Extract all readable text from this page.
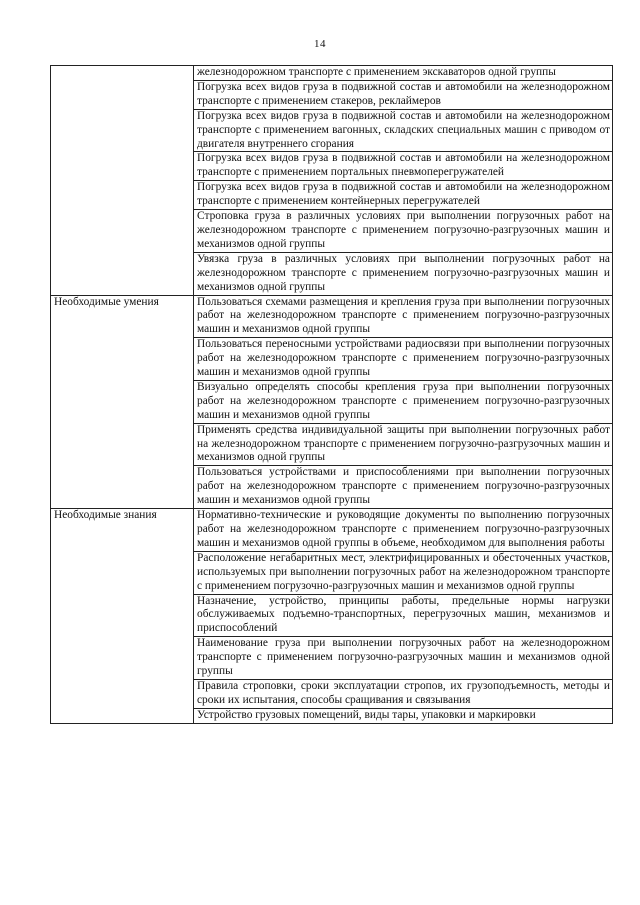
14
	железнодорожном транспорте с применением экскаваторов одной группы
	Погрузка всех видов груза в подвижной состав и автомобили на железнодорожном транспорте с применением стакеров, реклаймеров
	Погрузка всех видов груза в подвижной состав и автомобили на железнодорожном транспорте с применением вагонных, складских специальных машин с приводом от двигателя внутреннего сгорания
	Погрузка всех видов груза в подвижной состав и автомобили на железнодорожном транспорте с применением портальных пневмоперегружателей
	Погрузка всех видов груза в подвижной состав и автомобили на железнодорожном транспорте с применением контейнерных перегружателей
	Строповка груза в различных условиях при выполнении погрузочных работ на железнодорожном транспорте с применением погрузочно-разгрузочных машин и механизмов одной группы
	Увязка груза в различных условиях при выполнении погрузочных работ на железнодорожном транспорте с применением погрузочно-разгрузочных машин и механизмов одной группы
Необходимые умения	Пользоваться схемами размещения и крепления груза при выполнении погрузочных работ на железнодорожном транспорте с применением погрузочно-разгрузочных машин и механизмов одной группы
	Пользоваться переносными устройствами радиосвязи при выполнении погрузочных работ на железнодорожном транспорте с применением погрузочно-разгрузочных машин и механизмов одной группы
	Визуально определять способы крепления груза при выполнении погрузочных работ на железнодорожном транспорте с применением погрузочно-разгрузочных машин и механизмов одной группы
	Применять средства индивидуальной защиты при выполнении погрузочных работ на железнодорожном транспорте с применением погрузочно-разгрузочных машин и механизмов одной группы
	Пользоваться устройствами и приспособлениями при выполнении погрузочных работ на железнодорожном транспорте с применением погрузочно-разгрузочных машин и механизмов одной группы
Необходимые знания	Нормативно-технические и руководящие документы по выполнению погрузочных работ на железнодорожном транспорте с применением погрузочно-разгрузочных машин и механизмов одной группы в объеме, необходимом для выполнения работы
	Расположение негабаритных мест, электрифицированных и обесточенных участков, используемых при выполнении погрузочных работ на железнодорожном транспорте с применением погрузочно-разгрузочных машин и механизмов одной группы
	Назначение, устройство, принципы работы, предельные нормы нагрузки обслуживаемых подъемно-транспортных, перегрузочных машин, механизмов и приспособлений
	Наименование груза при выполнении погрузочных работ на железнодорожном транспорте с применением погрузочно-разгрузочных машин и механизмов одной группы
	Правила строповки, сроки эксплуатации стропов, их грузоподъемность, методы и сроки их испытания, способы сращивания и связывания
	Устройство грузовых помещений, виды тары, упаковки и маркировки
